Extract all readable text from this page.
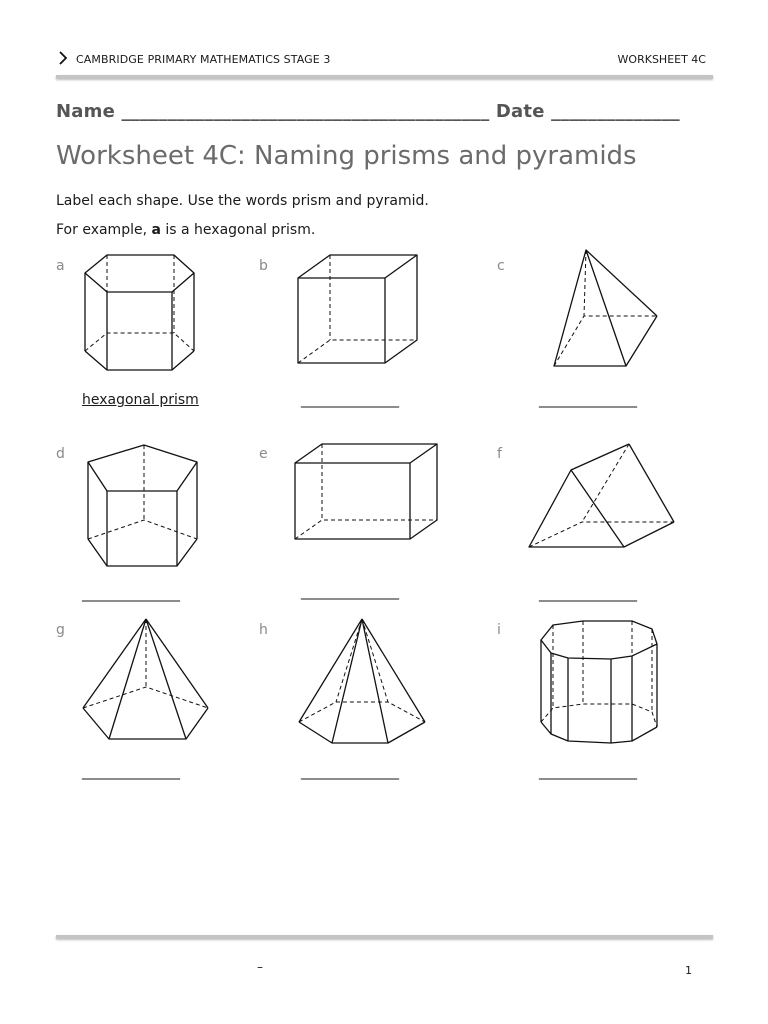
CAMBRIDGE PRIMARY MATHEMATICS STAGE 3	WORKSHEET 4C
Name ________________________________________ Date ______________
Worksheet 4C: Naming prisms and pyramids
Label each shape. Use the words prism and pyramid.
For example, a is a hexagonal prism.
a
hexagonal prism
b
______________
c
______________
d
______________
e
______________
f
______________
g
______________
h
______________
i
______________
–	1
